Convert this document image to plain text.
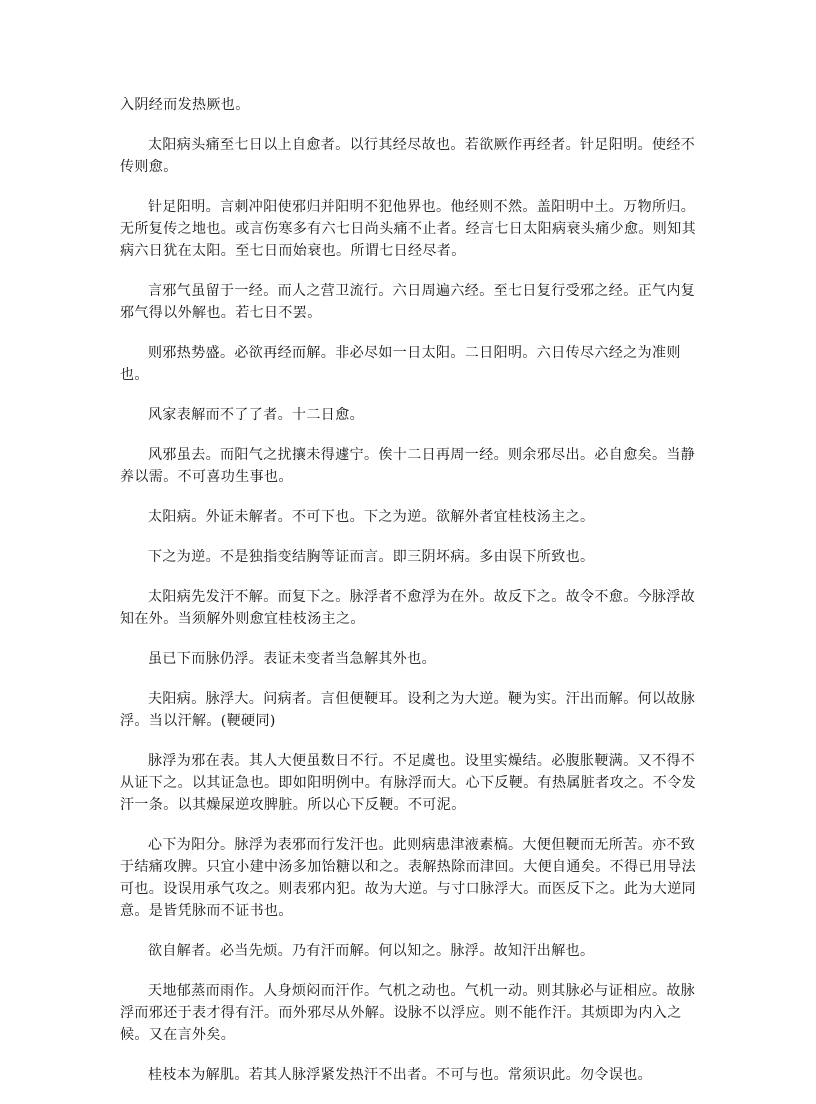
入阴经而发热厥也。

太阳病头痛至七日以上自愈者。以行其经尽故也。若欲厥作再经者。针足阳明。使经不传则愈。

针足阳明。言刺冲阳使邪归并阳明不犯他界也。他经则不然。盖阳明中土。万物所归。无所复传之地也。或言伤寒多有六七日尚头痛不止者。经言七日太阳病衰头痛少愈。则知其病六日犹在太阳。至七日而始衰也。所谓七日经尽者。

言邪气虽留于一经。而人之营卫流行。六日周遍六经。至七日复行受邪之经。正气内复邪气得以外解也。若七日不罢。

则邪热势盛。必欲再经而解。非必尽如一日太阳。二日阳明。六日传尽六经之为准则也。

风家表解而不了了者。十二日愈。

风邪虽去。而阳气之扰攘未得遽宁。俟十二日再周一经。则余邪尽出。必自愈矣。当静养以需。不可喜功生事也。

太阳病。外证未解者。不可下也。下之为逆。欲解外者宜桂枝汤主之。

下之为逆。不是独指变结胸等证而言。即三阴坏病。多由误下所致也。

太阳病先发汗不解。而复下之。脉浮者不愈浮为在外。故反下之。故令不愈。今脉浮故知在外。当须解外则愈宜桂枝汤主之。

虽已下而脉仍浮。表证未变者当急解其外也。

夫阳病。脉浮大。问病者。言但便鞕耳。设利之为大逆。鞕为实。汗出而解。何以故脉浮。当以汗解。(鞕硬同)

脉浮为邪在表。其人大便虽数日不行。不足虞也。设里实燥结。必腹胀鞕满。又不得不从证下之。以其证急也。即如阳明例中。有脉浮而大。心下反鞕。有热属脏者攻之。不令发汗一条。以其燥屎逆攻脾脏。所以心下反鞕。不可泥。

心下为阳分。脉浮为表邪而行发汗也。此则病患津液素槁。大便但鞕而无所苦。亦不致于结痛攻脾。只宜小建中汤多加饴糖以和之。表解热除而津回。大便自通矣。不得已用导法可也。设误用承气攻之。则表邪内犯。故为大逆。与寸口脉浮大。而医反下之。此为大逆同意。是皆凭脉而不证书也。

欲自解者。必当先烦。乃有汗而解。何以知之。脉浮。故知汗出解也。

天地郁蒸而雨作。人身烦闷而汗作。气机之动也。气机一动。则其脉必与证相应。故脉浮而邪还于表才得有汗。而外邪尽从外解。设脉不以浮应。则不能作汗。其烦即为内入之候。又在言外矣。

桂枝本为解肌。若其人脉浮紧发热汗不出者。不可与也。常须识此。勿令误也。
